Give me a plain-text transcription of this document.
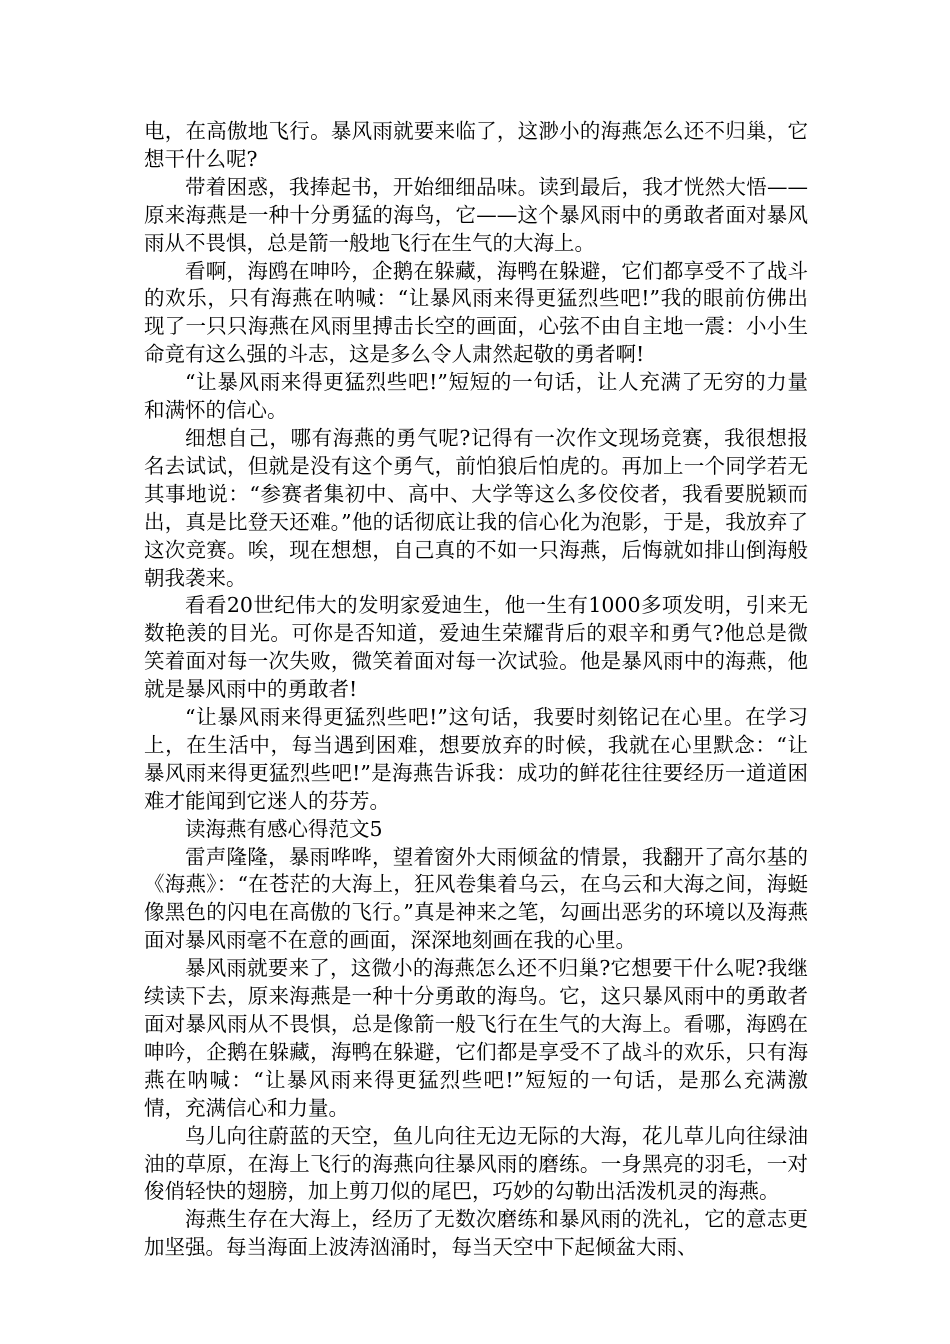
电，在高傲地飞行。暴风雨就要来临了，这渺小的海燕怎么还不归巢，它想干什么呢?

带着困惑，我捧起书，开始细细品味。读到最后，我才恍然大悟——原来海燕是一种十分勇猛的海鸟，它——这个暴风雨中的勇敢者面对暴风雨从不畏惧，总是箭一般地飞行在生气的大海上。

看啊，海鸥在呻吟，企鹅在躲藏，海鸭在躲避，它们都享受不了战斗的欢乐，只有海燕在呐喊：“让暴风雨来得更猛烈些吧!”我的眼前仿佛出现了一只只海燕在风雨里搏击长空的画面，心弦不由自主地一震：小小生命竟有这么强的斗志，这是多么令人肃然起敬的勇者啊!

“让暴风雨来得更猛烈些吧!”短短的一句话，让人充满了无穷的力量和满怀的信心。

细想自己，哪有海燕的勇气呢?记得有一次作文现场竞赛，我很想报名去试试，但就是没有这个勇气，前怕狼后怕虎的。再加上一个同学若无其事地说：“参赛者集初中、高中、大学等这么多佼佼者，我看要脱颖而出，真是比登天还难。”他的话彻底让我的信心化为泡影，于是，我放弃了这次竞赛。唉，现在想想，自己真的不如一只海燕，后悔就如排山倒海般朝我袭来。

看看20世纪伟大的发明家爱迪生，他一生有1000多项发明，引来无数艳羡的目光。可你是否知道，爱迪生荣耀背后的艰辛和勇气?他总是微笑着面对每一次失败，微笑着面对每一次试验。他是暴风雨中的海燕，他就是暴风雨中的勇敢者!

“让暴风雨来得更猛烈些吧!”这句话，我要时刻铭记在心里。在学习上，在生活中，每当遇到困难，想要放弃的时候，我就在心里默念：“让暴风雨来得更猛烈些吧!”是海燕告诉我：成功的鲜花往往要经历一道道困难才能闻到它迷人的芬芳。

读海燕有感心得范文5

雷声隆隆，暴雨哗哗，望着窗外大雨倾盆的情景，我翻开了高尔基的《海燕》：“在苍茫的大海上，狂风卷集着乌云，在乌云和大海之间，海蜓像黑色的闪电在高傲的飞行。”真是神来之笔，勾画出恶劣的环境以及海燕面对暴风雨毫不在意的画面，深深地刻画在我的心里。

暴风雨就要来了，这微小的海燕怎么还不归巢?它想要干什么呢?我继续读下去，原来海燕是一种十分勇敢的海鸟。它，这只暴风雨中的勇敢者面对暴风雨从不畏惧，总是像箭一般飞行在生气的大海上。看哪，海鸥在呻吟，企鹅在躲藏，海鸭在躲避，它们都是享受不了战斗的欢乐，只有海燕在呐喊：“让暴风雨来得更猛烈些吧!”短短的一句话，是那么充满激情，充满信心和力量。

鸟儿向往蔚蓝的天空，鱼儿向往无边无际的大海，花儿草儿向往绿油油的草原，在海上飞行的海燕向往暴风雨的磨练。一身黑亮的羽毛，一对俊俏轻快的翅膀，加上剪刀似的尾巴，巧妙的勾勒出活泼机灵的海燕。

海燕生存在大海上，经历了无数次磨练和暴风雨的洗礼，它的意志更加坚强。每当海面上波涛汹涌时，每当天空中下起倾盆大雨、
